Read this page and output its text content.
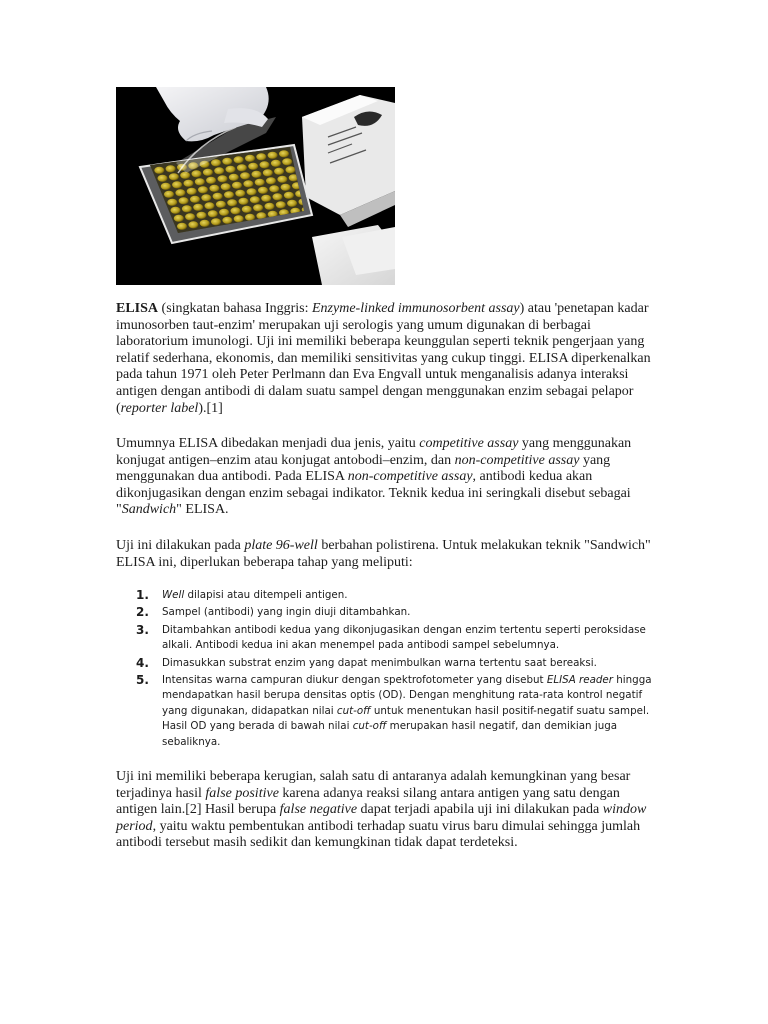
ELISA (singkatan bahasa Inggris: Enzyme-linked immunosorbent assay) atau 'penetapan kadar imunosorben taut-enzim' merupakan uji serologis yang umum digunakan di berbagai laboratorium imunologi. Uji ini memiliki beberapa keunggulan seperti teknik pengerjaan yang relatif sederhana, ekonomis, dan memiliki sensitivitas yang cukup tinggi. ELISA diperkenalkan pada tahun 1971 oleh Peter Perlmann dan Eva Engvall untuk menganalisis adanya interaksi antigen dengan antibodi di dalam suatu sampel dengan menggunakan enzim sebagai pelapor (reporter label).[1]

Umumnya ELISA dibedakan menjadi dua jenis, yaitu competitive assay yang menggunakan konjugat antigen–enzim atau konjugat antobodi–enzim, dan non-competitive assay yang menggunakan dua antibodi. Pada ELISA non-competitive assay, antibodi kedua akan dikonjugasikan dengan enzim sebagai indikator. Teknik kedua ini seringkali disebut sebagai "Sandwich" ELISA.

Uji ini dilakukan pada plate 96-well berbahan polistirena. Untuk melakukan teknik "Sandwich" ELISA ini, diperlukan beberapa tahap yang meliputi:

1. Well dilapisi atau ditempeli antigen.
2. Sampel (antibodi) yang ingin diuji ditambahkan.
3. Ditambahkan antibodi kedua yang dikonjugasikan dengan enzim tertentu seperti peroksidase alkali. Antibodi kedua ini akan menempel pada antibodi sampel sebelumnya.
4. Dimasukkan substrat enzim yang dapat menimbulkan warna tertentu saat bereaksi.
5. Intensitas warna campuran diukur dengan spektrofotometer yang disebut ELISA reader hingga mendapatkan hasil berupa densitas optis (OD). Dengan menghitung rata-rata kontrol negatif yang digunakan, didapatkan nilai cut-off untuk menentukan hasil positif-negatif suatu sampel. Hasil OD yang berada di bawah nilai cut-off merupakan hasil negatif, dan demikian juga sebaliknya.

Uji ini memiliki beberapa kerugian, salah satu di antaranya adalah kemungkinan yang besar terjadinya hasil false positive karena adanya reaksi silang antara antigen yang satu dengan antigen lain.[2] Hasil berupa false negative dapat terjadi apabila uji ini dilakukan pada window period, yaitu waktu pembentukan antibodi terhadap suatu virus baru dimulai sehingga jumlah antibodi tersebut masih sedikit dan kemungkinan tidak dapat terdeteksi.
